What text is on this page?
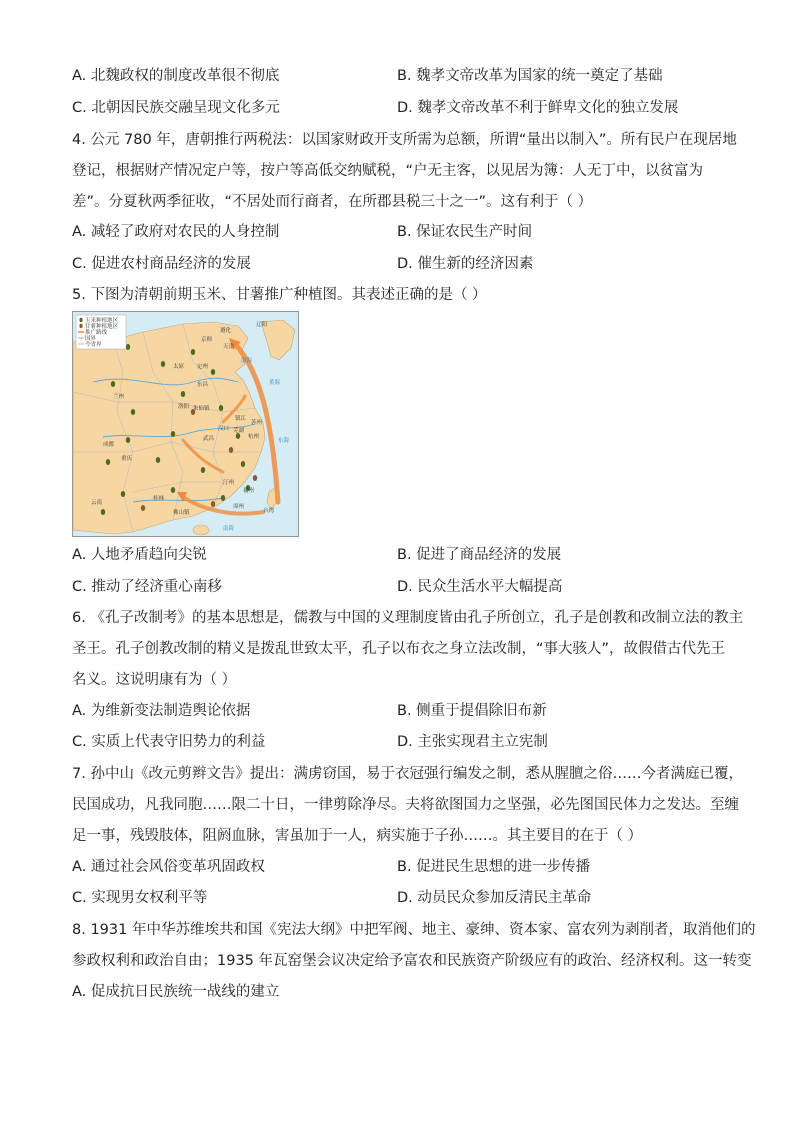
A. 北魏政权的制度改革很不彻底	B. 魏孝文帝改革为国家的统一奠定了基础
C. 北朝因民族交融呈现文化多元	D. 魏孝文帝改革不利于鲜卑文化的独立发展
4. 公元 780 年，唐朝推行两税法：以国家财政开支所需为总额，所谓“量出以制入”。所有民户在现居地
登记，根据财产情况定户等，按户等高低交纳赋税，“户无主客，以见居为簿：人无丁中，以贫富为
差”。分夏秋两季征收，“不居处而行商者，在所郡县税三十之一”。这有利于（ ）
A. 减轻了政府对农民的人身控制	B. 保证农民生产时间
C. 促进农村商品经济的发展	D. 催生新的经济因素
5. 下图为清朝前期玉米、甘薯推广种植图。其表述正确的是（ ）
辽阳
遵化
京师
天津
太原 定州
东昌
兰州
洛阳 朱仙镇
汉口
镇江
苏州
芜湖
杭州
武昌
成都
重庆
汀州
福州
桂林
云南
佛山镇
漳州
台湾
渤海
黄海
东海
南海
玉米种植地区
甘薯种植地区
推广路线
国界
今省界
A. 人地矛盾趋向尖锐	B. 促进了商品经济的发展
C. 推动了经济重心南移	D. 民众生活水平大幅提高
6. 《孔子改制考》的基本思想是，儒教与中国的义理制度皆由孔子所创立，孔子是创教和改制立法的教主
圣王。孔子创教改制的精义是拨乱世致太平，孔子以布衣之身立法改制，“事大骇人”，故假借古代先王
名义。这说明康有为（ ）
A. 为维新变法制造舆论依据	B. 侧重于提倡除旧布新
C. 实质上代表守旧势力的利益	D. 主张实现君主立宪制
7. 孙中山《改元剪辫文告》提出：满虏窃国，易于衣冠强行编发之制，悉从腥膻之俗……今者满庭已覆，
民国成功，凡我同胞……限二十日，一律剪除净尽。夫将欲图国力之坚强，必先图国民体力之发达。至缠
足一事，残毁肢体，阻阏血脉，害虽加于一人，病实施于子孙……。其主要目的在于（ ）
A. 通过社会风俗变革巩固政权	B. 促进民生思想的进一步传播
C. 实现男女权利平等	D. 动员民众参加反清民主革命
8. 1931 年中华苏维埃共和国《宪法大纲》中把军阀、地主、豪绅、资本家、富农列为剥削者，取消他们的
参政权利和政治自由；1935 年瓦窑堡会议决定给予富农和民族资产阶级应有的政治、经济权利。这一转变
A. 促成抗日民族统一战线的建立
